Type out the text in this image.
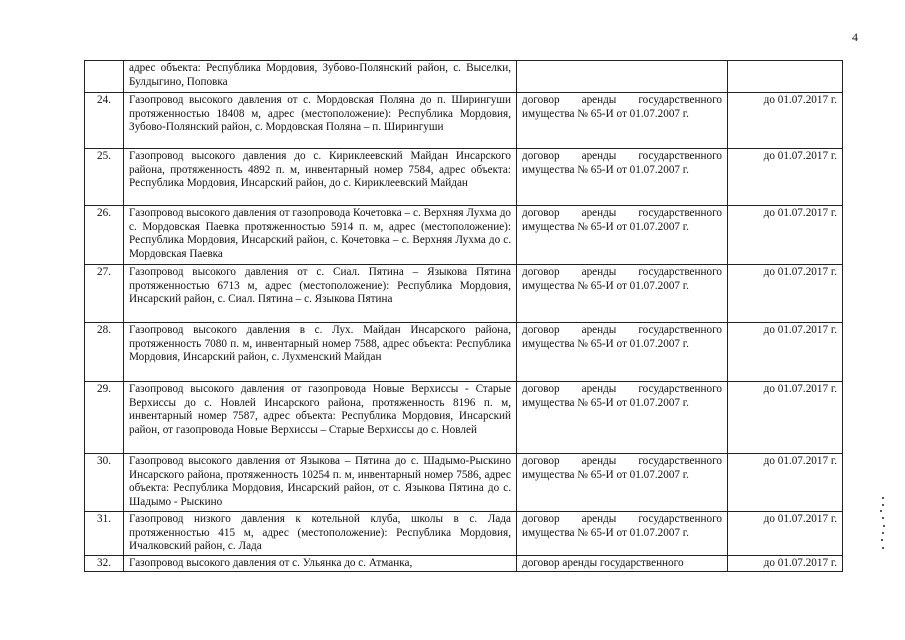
4
	адрес объекта: Республика Мордовия, Зубово-Полянский район, с. Выселки, Булдыгино, Поповка		
24.	Газопровод высокого давления от с. Мордовская Поляна до п. Ширингуши протяженностью 18408 м, адрес (местоположение): Республика Мордовия, Зубово-Полянский район, с. Мордовская Поляна – п. Ширингуши	договор аренды государственного имущества № 65-И от 01.07.2007 г.	до 01.07.2017 г.
25.	Газопровод высокого давления до с. Кириклеевский Майдан Инсарского района, протяженность 4892 п. м, инвентарный номер 7584, адрес объекта: Республика Мордовия, Инсарский район, до с. Кириклеевский Майдан	договор аренды государственного имущества № 65-И от 01.07.2007 г.	до 01.07.2017 г.
26.	Газопровод высокого давления от газопровода Кочетовка – с. Верхняя Лухма до с. Мордовская Паевка протяженностью 5914 п. м, адрес (местоположение): Республика Мордовия, Инсарский район, с. Кочетовка – с. Верхняя Лухма до с. Мордовская Паевка	договор аренды государственного имущества № 65-И от 01.07.2007 г.	до 01.07.2017 г.
27.	Газопровод высокого давления от с. Сиал. Пятина – Языкова Пятина протяженностью 6713 м, адрес (местоположение): Республика Мордовия, Инсарский район, с. Сиал. Пятина – с. Языкова Пятина	договор аренды государственного имущества № 65-И от 01.07.2007 г.	до 01.07.2017 г.
28.	Газопровод высокого давления в с. Лух. Майдан Инсарского района, протяженность 7080 п. м, инвентарный номер 7588, адрес объекта: Республика Мордовия, Инсарский район, с. Лухменский Майдан	договор аренды государственного имущества № 65-И от 01.07.2007 г.	до 01.07.2017 г.
29.	Газопровод высокого давления от газопровода Новые Верхиссы - Старые Верхиссы до с. Новлей Инсарского района, протяженность 8196 п. м, инвентарный номер 7587, адрес объекта: Республика Мордовия, Инсарский район, от газопровода Новые Верхиссы – Старые Верхиссы до с. Новлей	договор аренды государственного имущества № 65-И от 01.07.2007 г.	до 01.07.2017 г.
30.	Газопровод высокого давления от Языкова – Пятина до с. Шадымо-Рыскино Инсарского района, протяженность 10254 п. м, инвентарный номер 7586, адрес объекта: Республика Мордовия, Инсарский район, от с. Языкова Пятина до с. Шадымо - Рыскино	договор аренды государственного имущества № 65-И от 01.07.2007 г.	до 01.07.2017 г.
31.	Газопровод низкого давления к котельной клуба, школы в с. Лада протяженностью 415 м, адрес (местоположение): Республика Мордовия, Ичалковский район, с. Лада	договор аренды государственного имущества № 65-И от 01.07.2007 г.	до 01.07.2017 г.
32.	Газопровод высокого давления от с. Ульянка до с. Атманка,	договор аренды государственного	до 01.07.2017 г.
